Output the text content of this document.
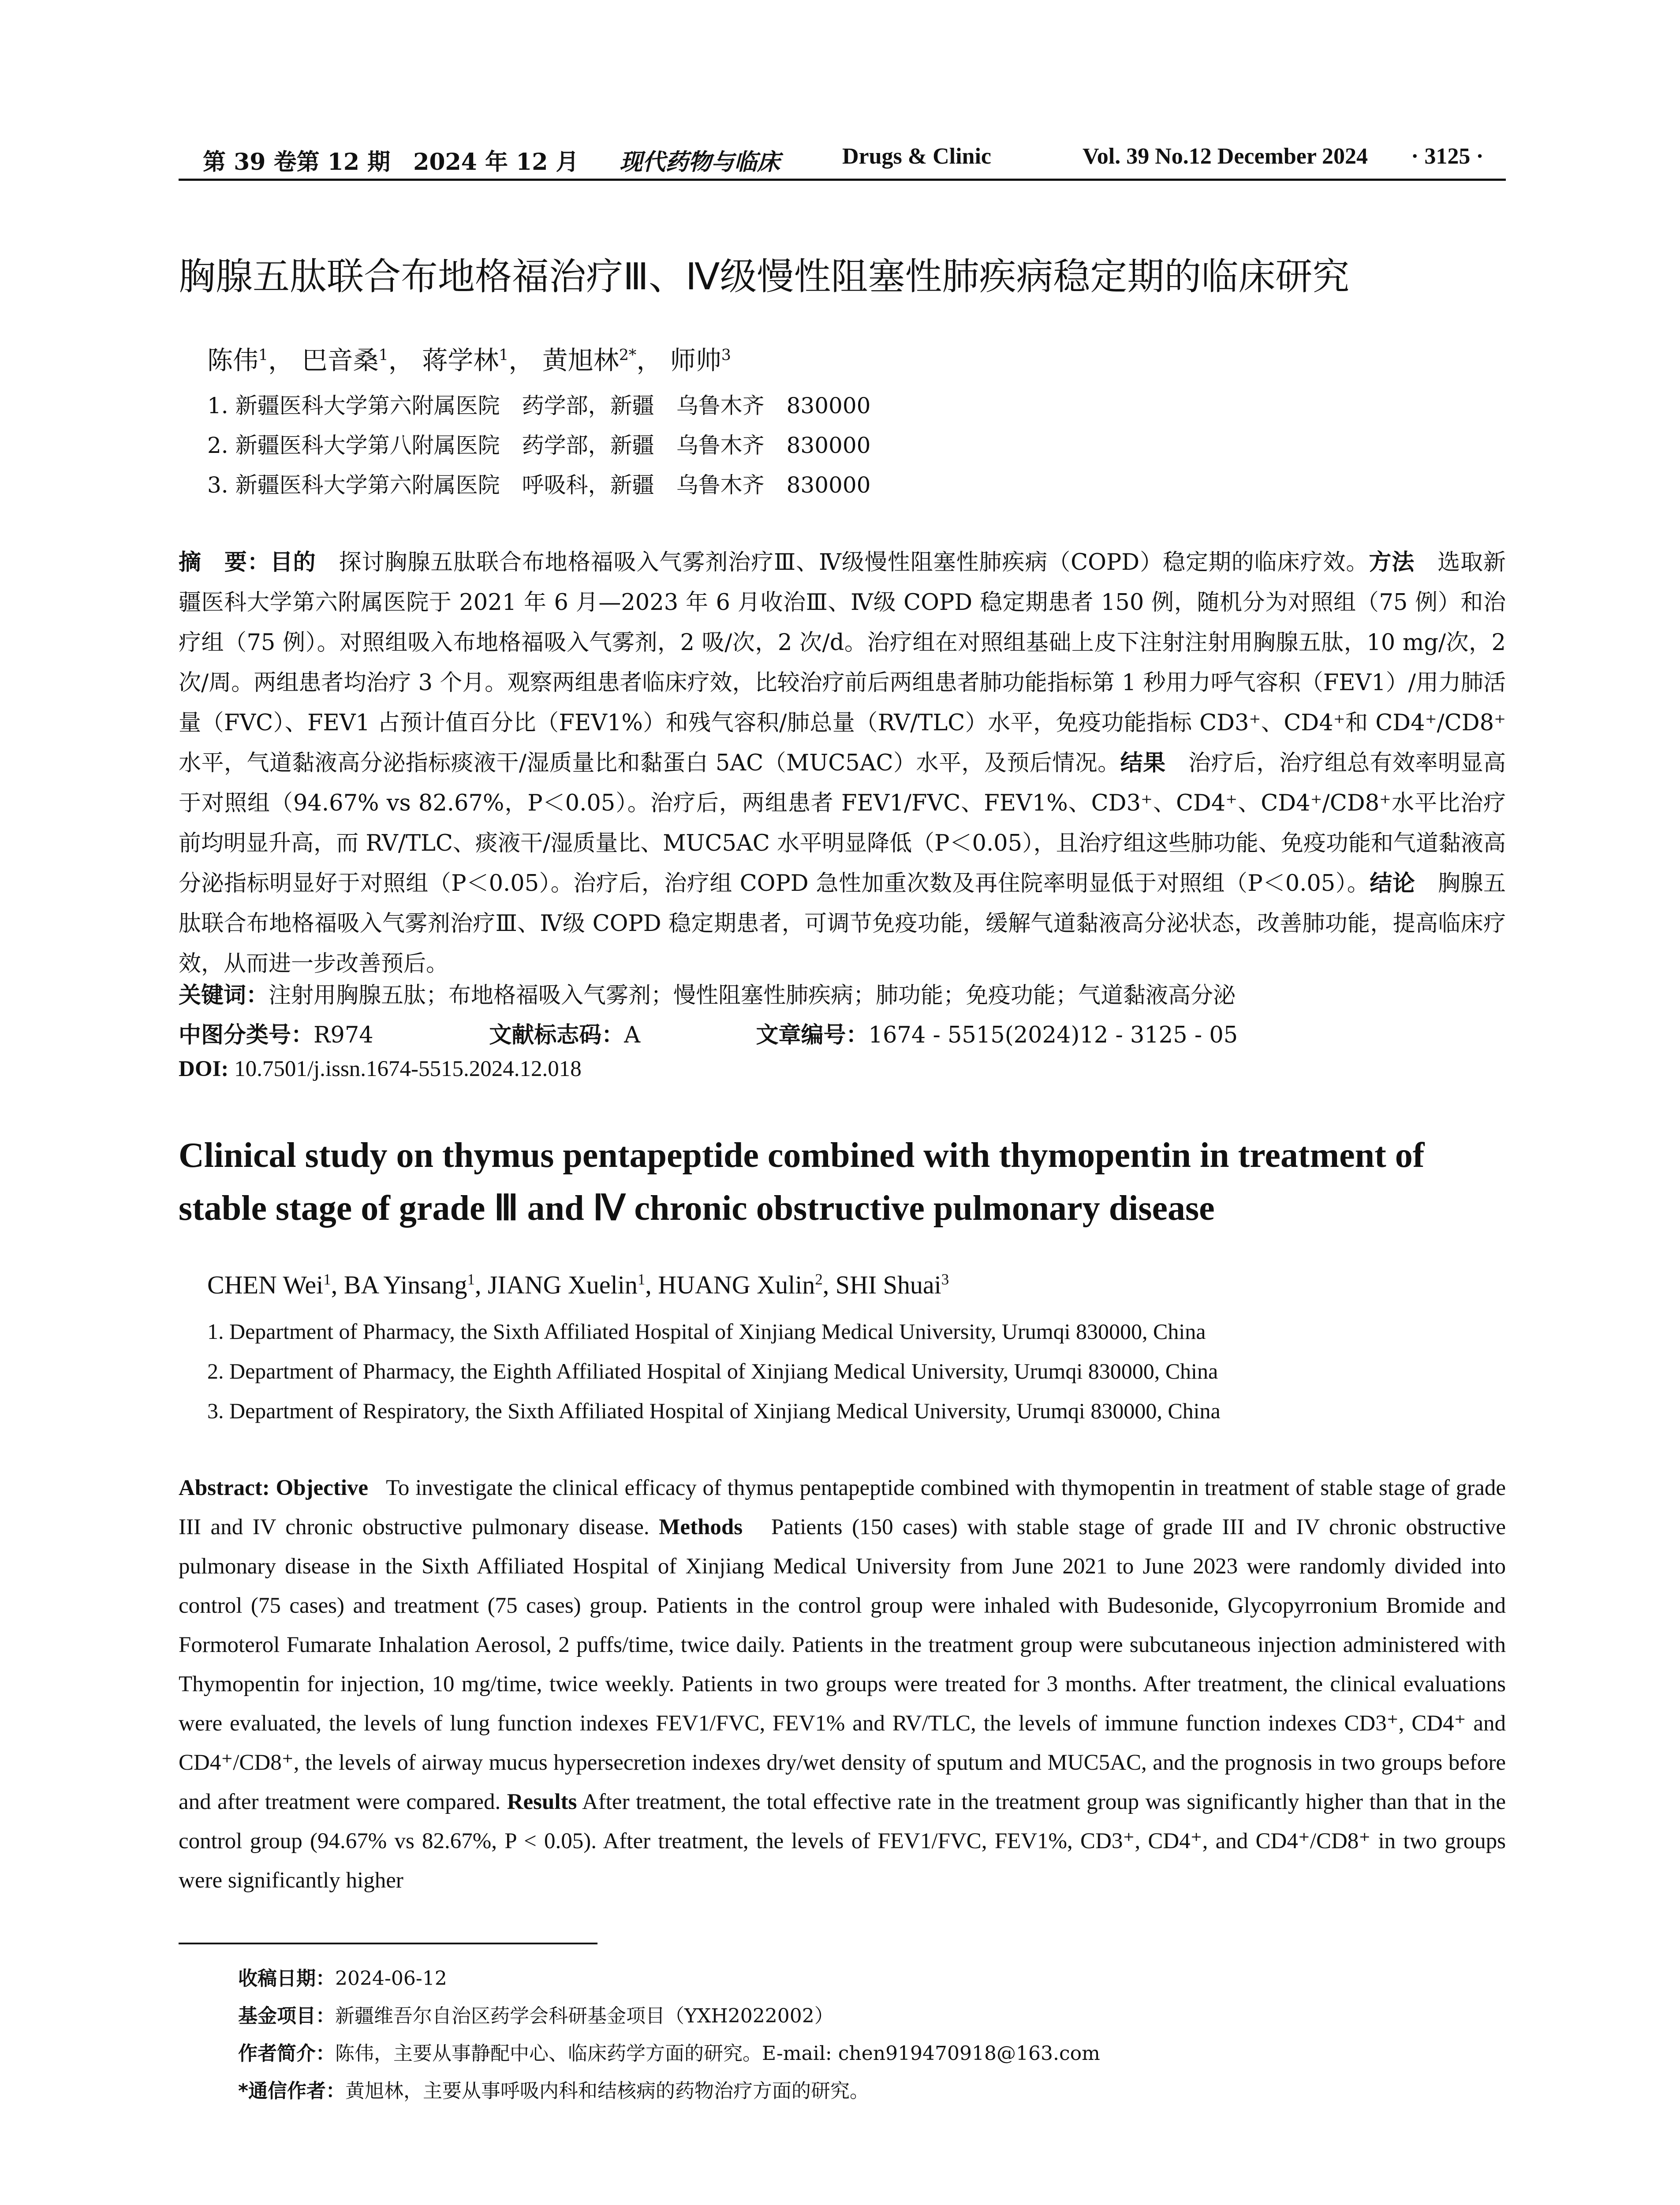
第 39 卷第 12 期　2024 年 12 月 现代药物与临床	Drugs & Clinic	Vol. 39 No.12 December 2024 · 3125 ·
胸腺五肽联合布地格福治疗Ⅲ、Ⅳ级慢性阻塞性肺疾病稳定期的临床研究
陈伟$^1$， 巴音桑$^1$， 蒋学林$^1$， 黄旭林$^{2*}$， 师帅$^3$
1. 新疆医科大学第六附属医院　药学部，新疆　乌鲁木齐　830000
2. 新疆医科大学第八附属医院　药学部，新疆　乌鲁木齐　830000
3. 新疆医科大学第六附属医院　呼吸科，新疆　乌鲁木齐　830000
摘　要：目的　 探讨胸腺五肽联合布地格福吸入气雾剂治疗Ⅲ、Ⅳ级慢性阻塞性肺疾病（COPD）稳定期的临床疗效。方法　 选取新疆医科大学第六附属医院于 2021 年 6 月—2023 年 6 月收治Ⅲ、Ⅳ级 COPD 稳定期患者 150 例，随机分为对照组（75 例）和治疗组（75 例）。对照组吸入布地格福吸入气雾剂，2 吸/次，2 次/d。治疗组在对照组基础上皮下注射注射用胸腺五肽，10 mg/次，2 次/周。两组患者均治疗 3 个月。观察两组患者临床疗效，比较治疗前后两组患者肺功能指标第 1 秒用力呼气容积（FEV1）/用力肺活量（FVC）、FEV1 占预计值百分比（FEV1%）和残气容积/肺总量（RV/TLC）水平，免疫功能指标 CD3⁺、CD4⁺和 CD4⁺/CD8⁺水平，气道黏液高分泌指标痰液干/湿质量比和黏蛋白 5AC（MUC5AC）水平，及预后情况。结果　 治疗后，治疗组总有效率明显高于对照组（94.67% vs 82.67%，P＜0.05）。治疗后，两组患者 FEV1/FVC、FEV1%、CD3⁺、CD4⁺、CD4⁺/CD8⁺水平比治疗前均明显升高，而 RV/TLC、痰液干/湿质量比、MUC5AC 水平明显降低（P＜0.05），且治疗组这些肺功能、免疫功能和气道黏液高分泌指标明显好于对照组（P＜0.05）。治疗后，治疗组 COPD 急性加重次数及再住院率明显低于对照组（P＜0.05）。结论　 胸腺五肽联合布地格福吸入气雾剂治疗Ⅲ、Ⅳ级 COPD 稳定期患者，可调节免疫功能，缓解气道黏液高分泌状态，改善肺功能，提高临床疗效，从而进一步改善预后。
关键词：注射用胸腺五肽；布地格福吸入气雾剂；慢性阻塞性肺疾病；肺功能；免疫功能；气道黏液高分泌
中图分类号：R974	文献标志码：A	文章编号：1674 - 5515(2024)12 - 3125 - 05
DOI: 10.7501/j.issn.1674-5515.2024.12.018
Clinical study on thymus pentapeptide combined with thymopentin in treatment of stable stage of grade Ⅲ and Ⅳ chronic obstructive pulmonary disease
CHEN Wei$^1$, BA Yinsang$^1$, JIANG Xuelin$^1$, HUANG Xulin$^2$, SHI Shuai$^3$
1. Department of Pharmacy, the Sixth Affiliated Hospital of Xinjiang Medical University, Urumqi 830000, China
2. Department of Pharmacy, the Eighth Affiliated Hospital of Xinjiang Medical University, Urumqi 830000, China
3. Department of Respiratory, the Sixth Affiliated Hospital of Xinjiang Medical University, Urumqi 830000, China
Abstract: Objective To investigate the clinical efficacy of thymus pentapeptide combined with thymopentin in treatment of stable stage of grade III and IV chronic obstructive pulmonary disease. Methods Patients (150 cases) with stable stage of grade III and IV chronic obstructive pulmonary disease in the Sixth Affiliated Hospital of Xinjiang Medical University from June 2021 to June 2023 were randomly divided into control (75 cases) and treatment (75 cases) group. Patients in the control group were inhaled with Budesonide, Glycopyrronium Bromide and Formoterol Fumarate Inhalation Aerosol, 2 puffs/time, twice daily. Patients in the treatment group were subcutaneous injection administered with Thymopentin for injection, 10 mg/time, twice weekly. Patients in two groups were treated for 3 months. After treatment, the clinical evaluations were evaluated, the levels of lung function indexes FEV1/FVC, FEV1% and RV/TLC, the levels of immune function indexes CD3⁺, CD4⁺ and CD4⁺/CD8⁺, the levels of airway mucus hypersecretion indexes dry/wet density of sputum and MUC5AC, and the prognosis in two groups before and after treatment were compared. Results After treatment, the total effective rate in the treatment group was significantly higher than that in the control group (94.67% vs 82.67%, P < 0.05). After treatment, the levels of FEV1/FVC, FEV1%, CD3⁺, CD4⁺, and CD4⁺/CD8⁺ in two groups were significantly higher
收稿日期：2024-06-12
基金项目：新疆维吾尔自治区药学会科研基金项目（YXH2022002）
作者简介：陈伟，主要从事静配中心、临床药学方面的研究。E-mail: chen919470918@163.com
*通信作者：黄旭林，主要从事呼吸内科和结核病的药物治疗方面的研究。
